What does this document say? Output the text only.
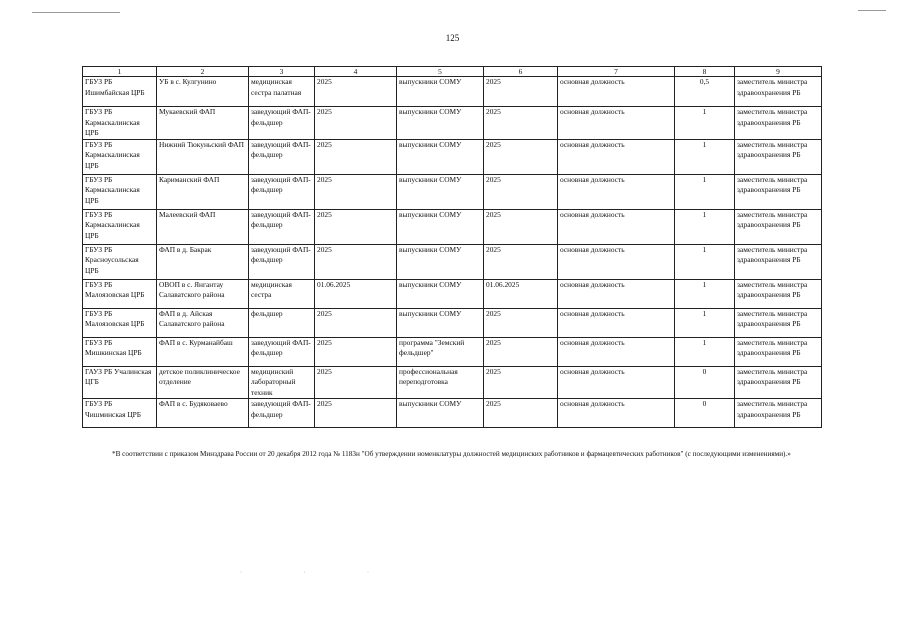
125
1	2	3	4	5	6	7	8	9
ГБУЗ РБ Ишимбайская ЦРБ	УБ в с. Кулгунино	медицинская сестра палатная	2025	выпускники СОМУ	2025	основная должность	0,5	заместитель министра здравоохранения РБ
ГБУЗ РБ Кармаскалинская ЦРБ	Мукаевский ФАП	заведующий ФАП-фельдшер	2025	выпускники СОМУ	2025	основная должность	1	заместитель министра здравоохранения РБ
ГБУЗ РБ Кармаскалинская ЦРБ	Нижний Тюкуньский ФАП	заведующий ФАП-фельдшер	2025	выпускники СОМУ	2025	основная должность	1	заместитель министра здравоохранения РБ
ГБУЗ РБ Кармаскалинская ЦРБ	Кариманский ФАП	заведующий ФАП-фельдшер	2025	выпускники СОМУ	2025	основная должность	1	заместитель министра здравоохранения РБ
ГБУЗ РБ Кармаскалинская ЦРБ	Малеевский ФАП	заведующий ФАП-фельдшер	2025	выпускники СОМУ	2025	основная должность	1	заместитель министра здравоохранения РБ
ГБУЗ РБ Красноусольская ЦРБ	ФАП в д. Бакрак	заведующий ФАП-фельдшер	2025	выпускники СОМУ	2025	основная должность	1	заместитель министра здравоохранения РБ
ГБУЗ РБ Малоязовская ЦРБ	ОВОП в с. Янгантау Салаватского района	медицинская сестра	01.06.2025	выпускники СОМУ	01.06.2025	основная должность	1	заместитель министра здравоохранения РБ
ГБУЗ РБ Малоязовская ЦРБ	ФАП в д. Айская Салаватского района	фельдшер	2025	выпускники СОМУ	2025	основная должность	1	заместитель министра здравоохранения РБ
ГБУЗ РБ Мишкинская ЦРБ	ФАП в с. Курманайбаш	заведующий ФАП-фельдшер	2025	программа "Земский фельдшер"	2025	основная должность	1	заместитель министра здравоохранения РБ
ГАУЗ РБ Учалинская ЦГБ	детское поликлиническое отделение	медицинский лабораторный техник	2025	профессиональная переподготовка	2025	основная должность	0	заместитель министра здравоохранения РБ
ГБУЗ РБ Чишминская ЦРБ	ФАП в с. Будяковаево	заведующий ФАП-фельдшер	2025	выпускники СОМУ	2025	основная должность	0	заместитель министра здравоохранения РБ
*В соответствии с приказом Минздрава России от 20 декабря 2012 года № 1183н "Об утверждении номенклатуры должностей медицинских работников и фармацевтических работников" (с последующими изменениями).»
· · ·
